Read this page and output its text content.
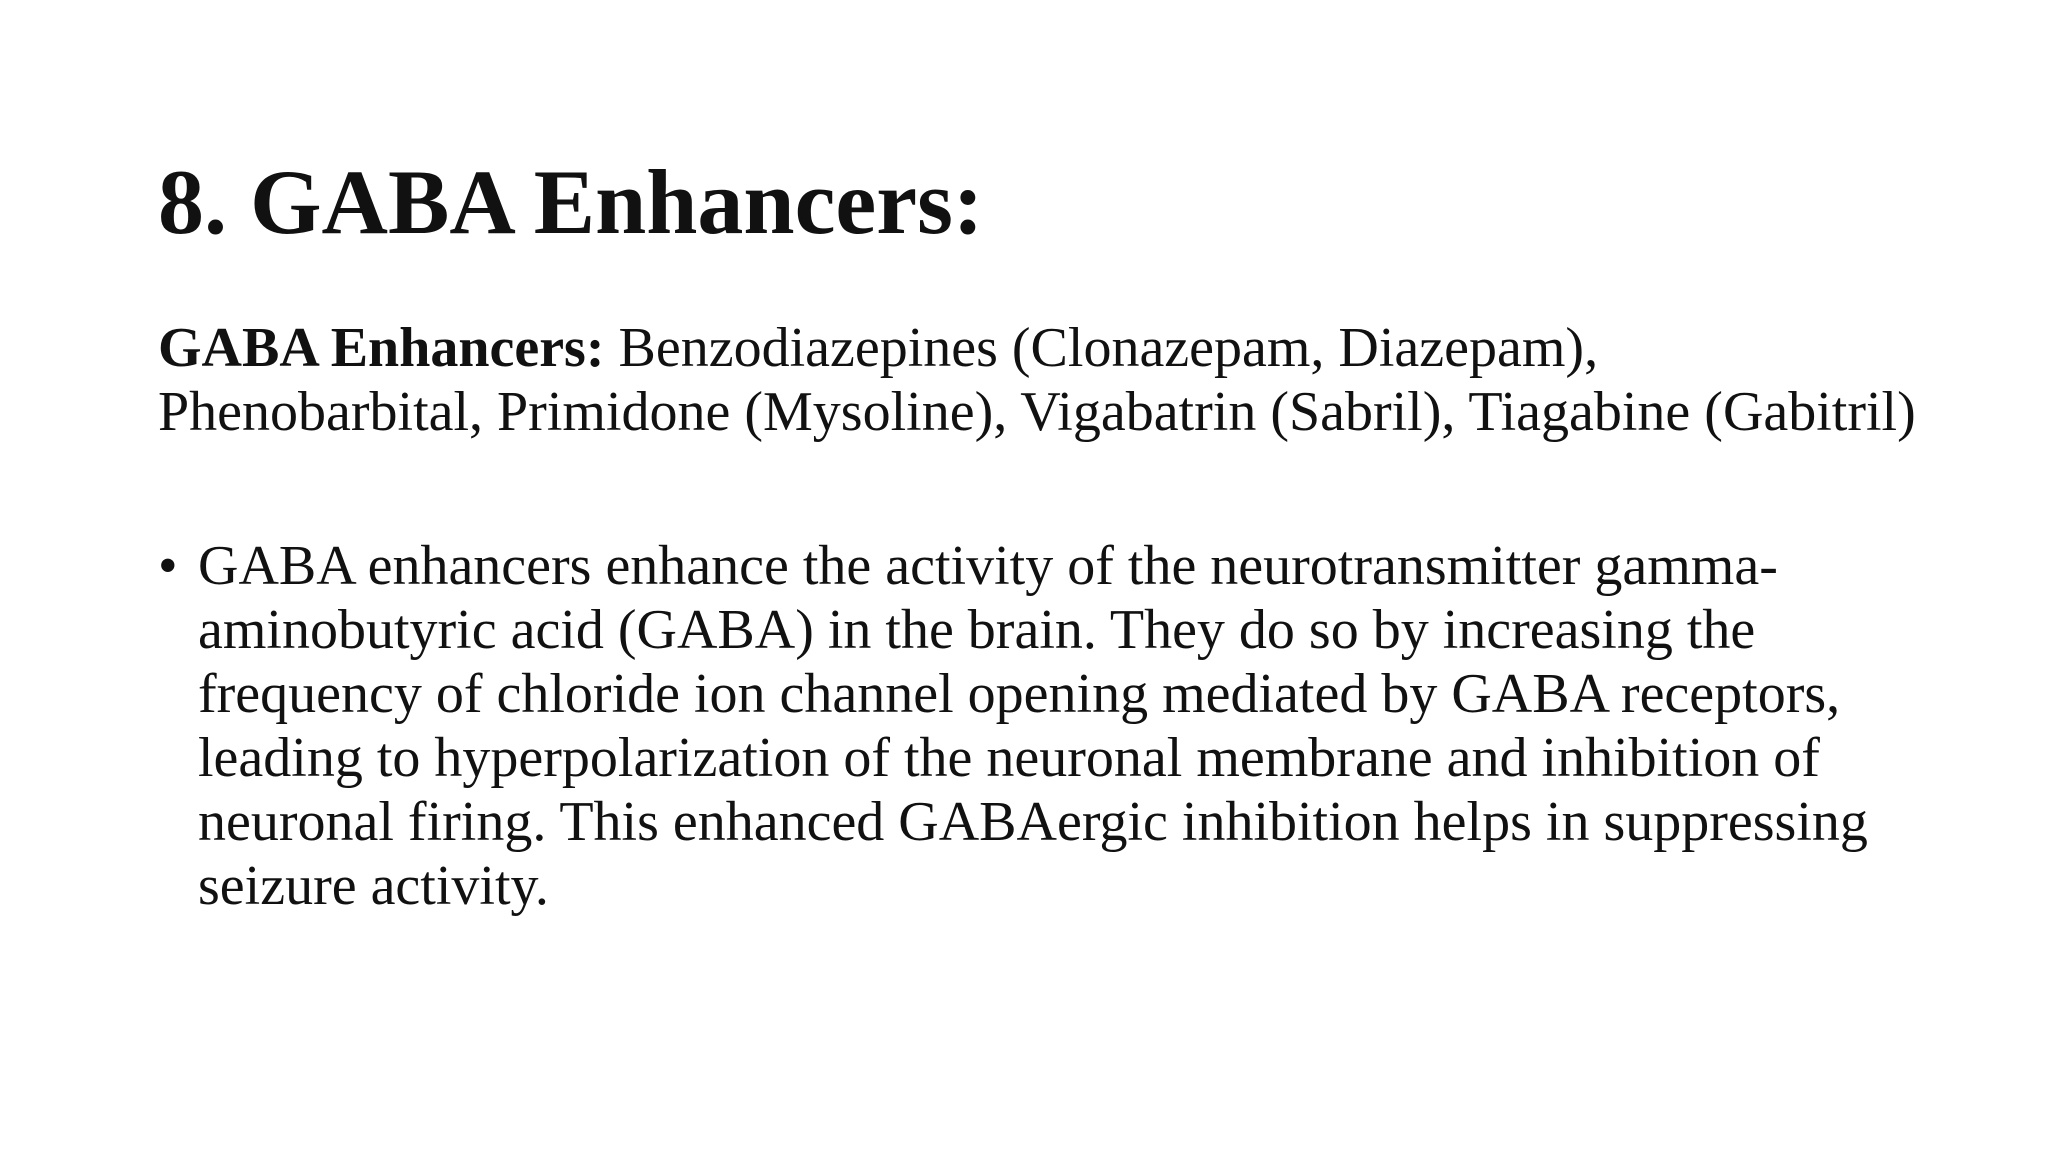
8. GABA Enhancers:

GABA Enhancers: Benzodiazepines (Clonazepam, Diazepam), Phenobarbital, Primidone (Mysoline), Vigabatrin (Sabril), Tiagabine (Gabitril)

• GABA enhancers enhance the activity of the neurotransmitter gamma-aminobutyric acid (GABA) in the brain. They do so by increasing the frequency of chloride ion channel opening mediated by GABA receptors, leading to hyperpolarization of the neuronal membrane and inhibition of neuronal firing. This enhanced GABAergic inhibition helps in suppressing seizure activity.
